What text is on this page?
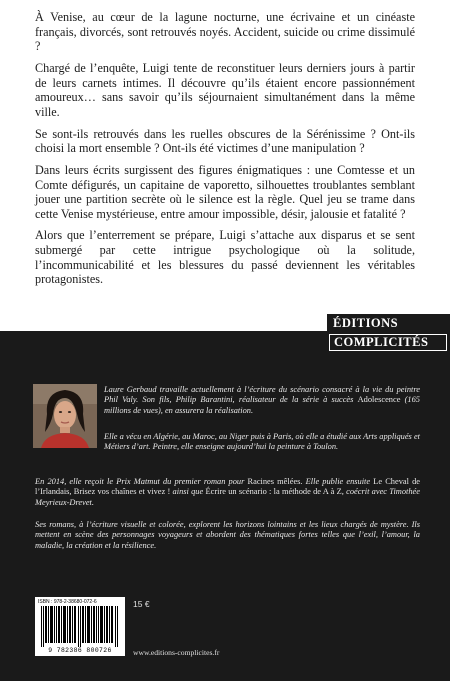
À Venise, au cœur de la lagune nocturne, une écrivaine et un cinéaste français, divorcés, sont retrouvés noyés. Accident, suicide ou crime dissimulé ?

Chargé de l’enquête, Luigi tente de reconstituer leurs derniers jours à partir de leurs carnets intimes. Il découvre qu’ils étaient encore passionnément amoureux… sans savoir qu’ils séjournaient simultanément dans la même ville.

Se sont-ils retrouvés dans les ruelles obscures de la Sérénissime ? Ont-ils choisi la mort ensemble ? Ont-ils été victimes d’une manipulation ?

Dans leurs écrits surgissent des figures énigmatiques : une Comtesse et un Comte défigurés, un capitaine de vaporetto, silhouettes troublantes semblant jouer une partition secrète où le silence est la règle. Quel jeu se trame dans cette Venise mystérieuse, entre amour impossible, désir, jalousie et fatalité ?

Alors que l’enterrement se prépare, Luigi s’attache aux disparus et se sent submergé par cette intrigue psychologique où la solitude, l’incommunicabilité et les blessures du passé deviennent les véritables protagonistes.

ÉDITIONS
COMPLICITÉS

Laure Gerbaud travaille actuellement à l’écriture du scénario consacré à la vie du peintre Phil Valy. Son fils, Philip Barantini, réalisateur de la série à succès Adolescence (165 millions de vues), en assurera la réalisation.

Elle a vécu en Algérie, au Maroc, au Niger puis à Paris, où elle a étudié aux Arts appliqués et Métiers d’art. Peintre, elle enseigne aujourd’hui la peinture à Toulon.

En 2014, elle reçoit le Prix Matmut du premier roman pour Racines mêlées. Elle publie ensuite Le Cheval de l’Irlandais, Brisez vos chaînes et vivez ! ainsi que Écrire un scénario : la méthode de A à Z, coécrit avec Timothée Meyrieux-Drevet.

Ses romans, à l’écriture visuelle et colorée, explorent les horizons lointains et les lieux chargés de mystère. Ils mettent en scène des personnages voyageurs et abordent des thématiques fortes telles que l’exil, l’amour, la maladie, la création et la résilience.

ISBN : 978-2-38680-072-6
9 782386 800726
15 €
www.editions-complicites.fr
